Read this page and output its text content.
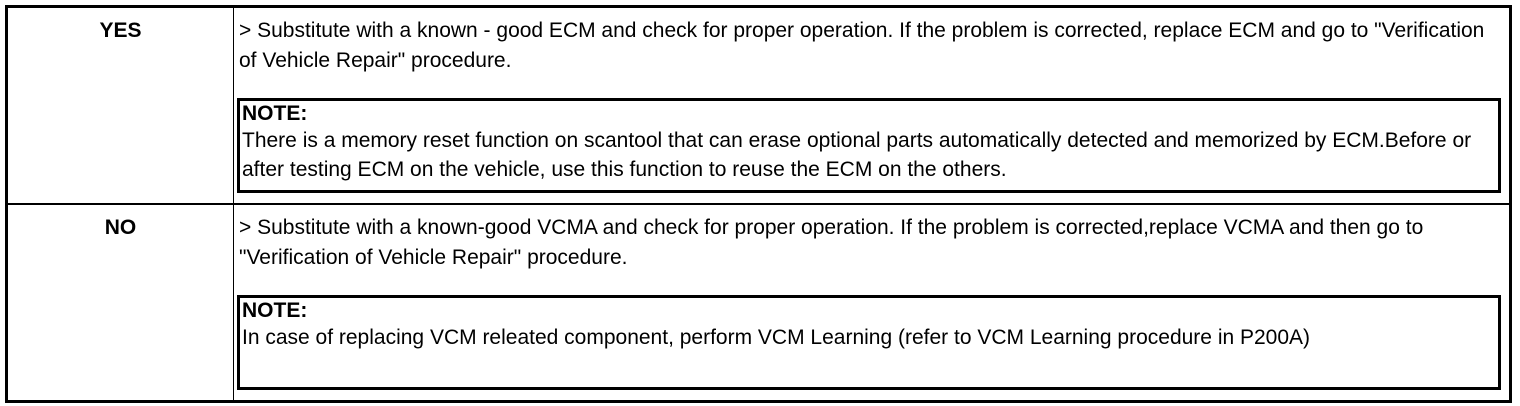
YES	> Substitute with a known - good ECM and check for proper operation. If the problem is corrected, replace ECM and go to "Verification of Vehicle Repair" procedure.
NOTE:
There is a memory reset function on scantool that can erase optional parts automatically detected and memorized by ECM.Before or after testing ECM on the vehicle, use this function to reuse the ECM on the others.
NO	> Substitute with a known-good VCMA and check for proper operation. If the problem is corrected,replace VCMA and then go to "Verification of Vehicle Repair" procedure.
NOTE:
In case of replacing VCM releated component, perform VCM Learning (refer to VCM Learning procedure in P200A)
